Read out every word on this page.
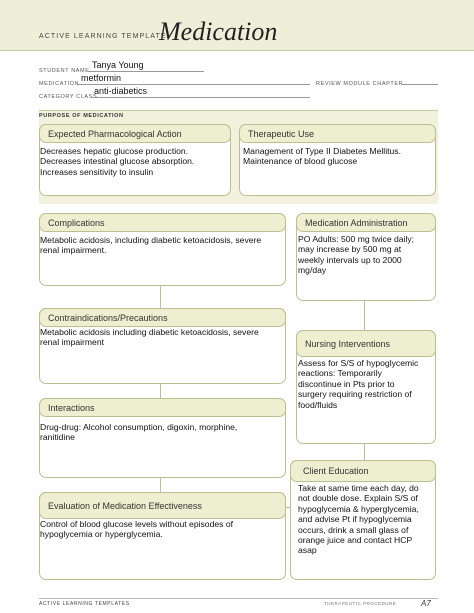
ACTIVE LEARNING TEMPLATE:
Medication
STUDENT NAME
Tanya Young
MEDICATION
metformin
REVIEW MODULE CHAPTER
CATEGORY CLASS
anti-diabetics
PURPOSE OF MEDICATION
Expected Pharmacological Action
Decreases hepatic glucose production.
Decreases intestinal glucose absorption.
Increases sensitivity to insulin
Therapeutic Use
Management of Type II Diabetes Mellitus.
Maintenance of blood glucose
Complications
Metabolic acidosis, including diabetic ketoacidosis, severe
renal impairment.
Contraindications/Precautions
Metabolic acidosis including diabetic ketoacidosis, severe
renal impairment
Interactions
Drug-drug: Alcohol consumption, digoxin, morphine,
ranitidine
Evaluation of Medication Effectiveness
Control of blood glucose levels without episodes of
hypoglycemia or hyperglycemia.
Medication Administration
PO Adults: 500 mg twice daily;
may increase by 500 mg at
weekly intervals up to 2000
mg/day
Nursing Interventions
Assess for S/S of hypoglycemic
reactions: Temporarily
discontinue in Pts prior to
surgery requiring restriction of
food/fluids
Client Education
Take at same time each day, do
not double dose. Explain S/S of
hypoglycemia & hyperglycemia,
and advise Pt if hypoglycemia
occurs, drink a small glass of
orange juice and contact HCP
asap
ACTIVE LEARNING TEMPLATES	THERAPEUTIC PROCEDURE	A7
